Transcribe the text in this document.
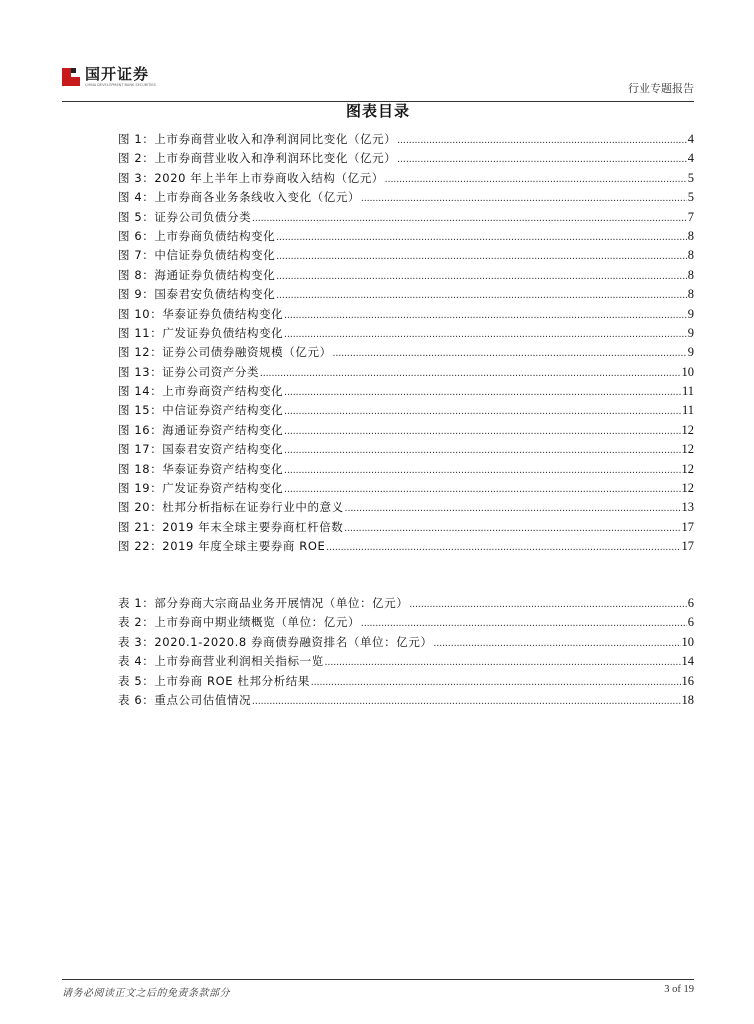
国开证券
CHINA DEVELOPMENT BANK SECURITIES	行业专题报告
图表目录
图 1：上市券商营业收入和净利润同比变化（亿元） .....	4
图 2：上市券商营业收入和净利润环比变化（亿元） .....	4
图 3：2020 年上半年上市券商收入结构（亿元） .....	5
图 4：上市券商各业务条线收入变化（亿元） .....	5
图 5：证券公司负债分类 .....	7
图 6：上市券商负债结构变化 .....	8
图 7：中信证券负债结构变化 .....	8
图 8：海通证券负债结构变化 .....	8
图 9：国泰君安负债结构变化 .....	8
图 10：华泰证券负债结构变化 .....	9
图 11：广发证券负债结构变化 .....	9
图 12：证券公司债券融资规模（亿元） .....	9
图 13：证券公司资产分类 .....	10
图 14：上市券商资产结构变化 .....	11
图 15：中信证券资产结构变化 .....	11
图 16：海通证券资产结构变化 .....	12
图 17：国泰君安资产结构变化 .....	12
图 18：华泰证券资产结构变化 .....	12
图 19：广发证券资产结构变化 .....	12
图 20：杜邦分析指标在证券行业中的意义 .....	13
图 21：2019 年末全球主要券商杠杆倍数 .....	17
图 22：2019 年度全球主要券商 ROE .....	17
表 1：部分券商大宗商品业务开展情况（单位：亿元） .....	6
表 2：上市券商中期业绩概览（单位：亿元） .....	6
表 3：2020.1-2020.8 券商债券融资排名（单位：亿元） .....	10
表 4：上市券商营业利润相关指标一览 .....	14
表 5：上市券商 ROE 杜邦分析结果 .....	16
表 6：重点公司估值情况 .....	18
请务必阅读正文之后的免责条款部分	3 of 19
